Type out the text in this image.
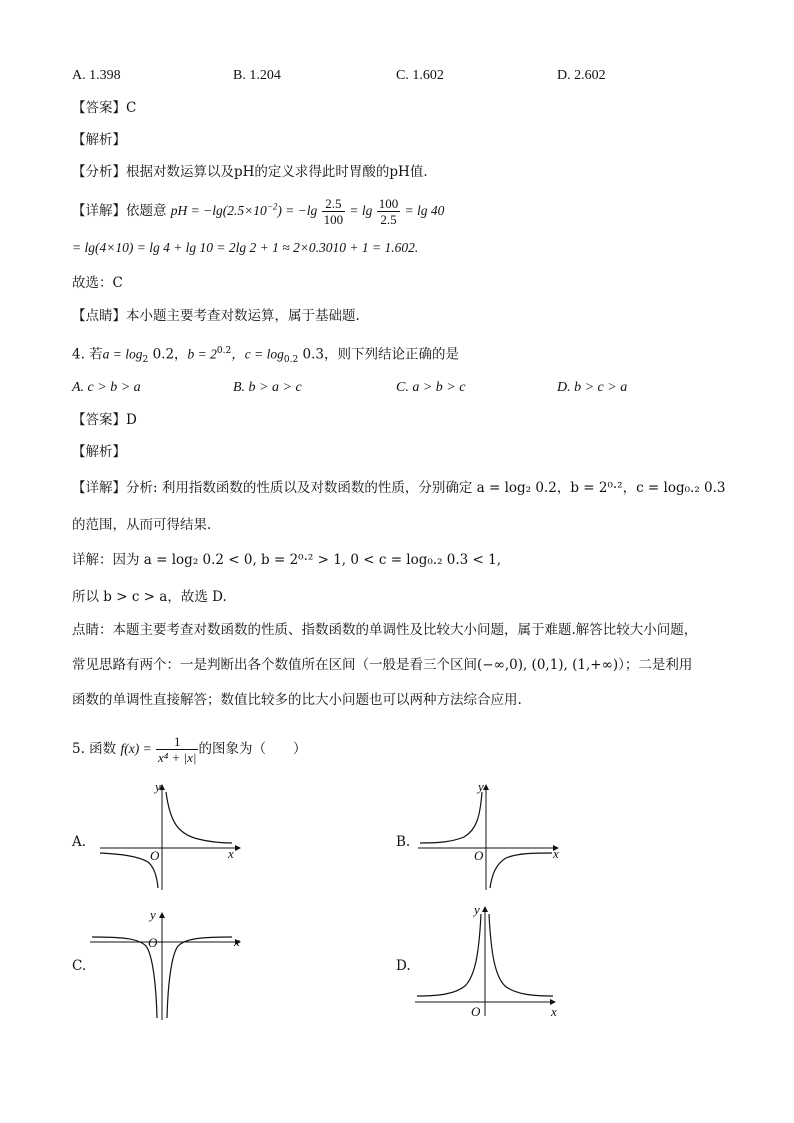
A. 1.398	B. 1.204	C. 1.602	D. 2.602
【答案】C
【解析】
【分析】根据对数运算以及pH的定义求得此时胃酸的pH值.
【详解】依题意 pH = $-\lg(2.5\times 10^{-2}) = -\lg \frac{2.5}{100} = \lg \frac{100}{2.5} = \lg 40$
= lg(4×10) = lg 4 + lg 10 = 2lg 2 + 1 ≈ 2×0.3010 + 1 = 1.602.
故选：C
【点睛】本小题主要考查对数运算，属于基础题.
4. 若$a = \log_2 0.2$，$b = 2^{0.2}$，$c = \log_{0.2} 0.3$，则下列结论正确的是
A. c > b > a	B. b > a > c	C. a > b > c	D. b > c > a
【答案】D
【解析】
【详解】分析: 利用指数函数的性质以及对数函数的性质，分别确定 a = log₂ 0.2，b = 2⁰·²，c = log₀.₂ 0.3
的范围，从而可得结果.
详解：因为 a = log₂ 0.2 < 0, b = 2⁰·² > 1, 0 < c = log₀.₂ 0.3 < 1,
所以 b > c > a，故选 D.
点睛：本题主要考查对数函数的性质、指数函数的单调性及比较大小问题，属于难题.解答比较大小问题，
常见思路有两个：一是判断出各个数值所在区间（一般是看三个区间(−∞,0), (0,1), (1,+∞)）；二是利用
函数的单调性直接解答；数值比较多的比大小问题也可以两种方法综合应用.
5. 函数 $f(x) = \frac{1}{\text{x⁴ + |x|}}$ 的图象为（　　）
A.	B.
C.	D.
y
x
O
y
x
O
y
x
O
y
x
O
